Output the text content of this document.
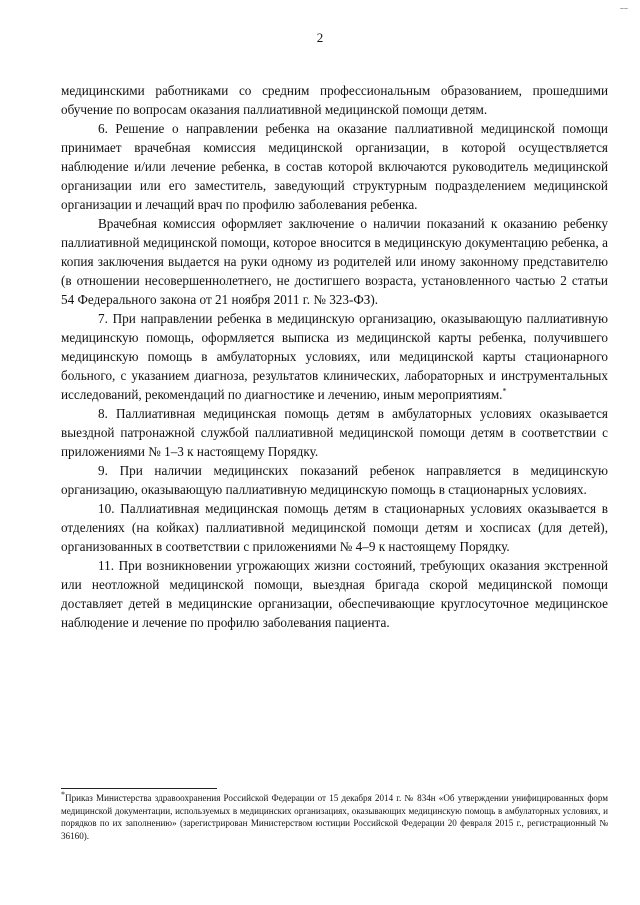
~~
2

медицинскими работниками со средним профессиональным образованием, прошедшими обучение по вопросам оказания паллиативной медицинской помощи детям.

6. Решение о направлении ребенка на оказание паллиативной медицинской помощи принимает врачебная комиссия медицинской организации, в которой осуществляется наблюдение и/или лечение ребенка, в состав которой включаются руководитель медицинской организации или его заместитель, заведующий структурным подразделением медицинской организации и лечащий врач по профилю заболевания ребенка.

Врачебная комиссия оформляет заключение о наличии показаний к оказанию ребенку паллиативной медицинской помощи, которое вносится в медицинскую документацию ребенка, а копия заключения выдается на руки одному из родителей или иному законному представителю (в отношении несовершеннолетнего, не достигшего возраста, установленного частью 2 статьи 54 Федерального закона от 21 ноября 2011 г. № 323-ФЗ).

7. При направлении ребенка в медицинскую организацию, оказывающую паллиативную медицинскую помощь, оформляется выписка из медицинской карты ребенка, получившего медицинскую помощь в амбулаторных условиях, или медицинской карты стационарного больного, с указанием диагноза, результатов клинических, лабораторных и инструментальных исследований, рекомендаций по диагностике и лечению, иным мероприятиям.*

8. Паллиативная медицинская помощь детям в амбулаторных условиях оказывается выездной патронажной службой паллиативной медицинской помощи детям в соответствии с приложениями № 1–3 к настоящему Порядку.

9. При наличии медицинских показаний ребенок направляется в медицинскую организацию, оказывающую паллиативную медицинскую помощь в стационарных условиях.

10. Паллиативная медицинская помощь детям в стационарных условиях оказывается в отделениях (на койках) паллиативной медицинской помощи детям и хосписах (для детей), организованных в соответствии с приложениями № 4–9 к настоящему Порядку.

11. При возникновении угрожающих жизни состояний, требующих оказания экстренной или неотложной медицинской помощи, выездная бригада скорой медицинской помощи доставляет детей в медицинские организации, обеспечивающие круглосуточное медицинское наблюдение и лечение по профилю заболевания пациента.

*Приказ Министерства здравоохранения Российской Федерации от 15 декабря 2014 г. № 834н «Об утверждении унифицированных форм медицинской документации, используемых в медицинских организациях, оказывающих медицинскую помощь в амбулаторных условиях, и порядков по их заполнению» (зарегистрирован Министерством юстиции Российской Федерации 20 февраля 2015 г., регистрационный № 36160).
